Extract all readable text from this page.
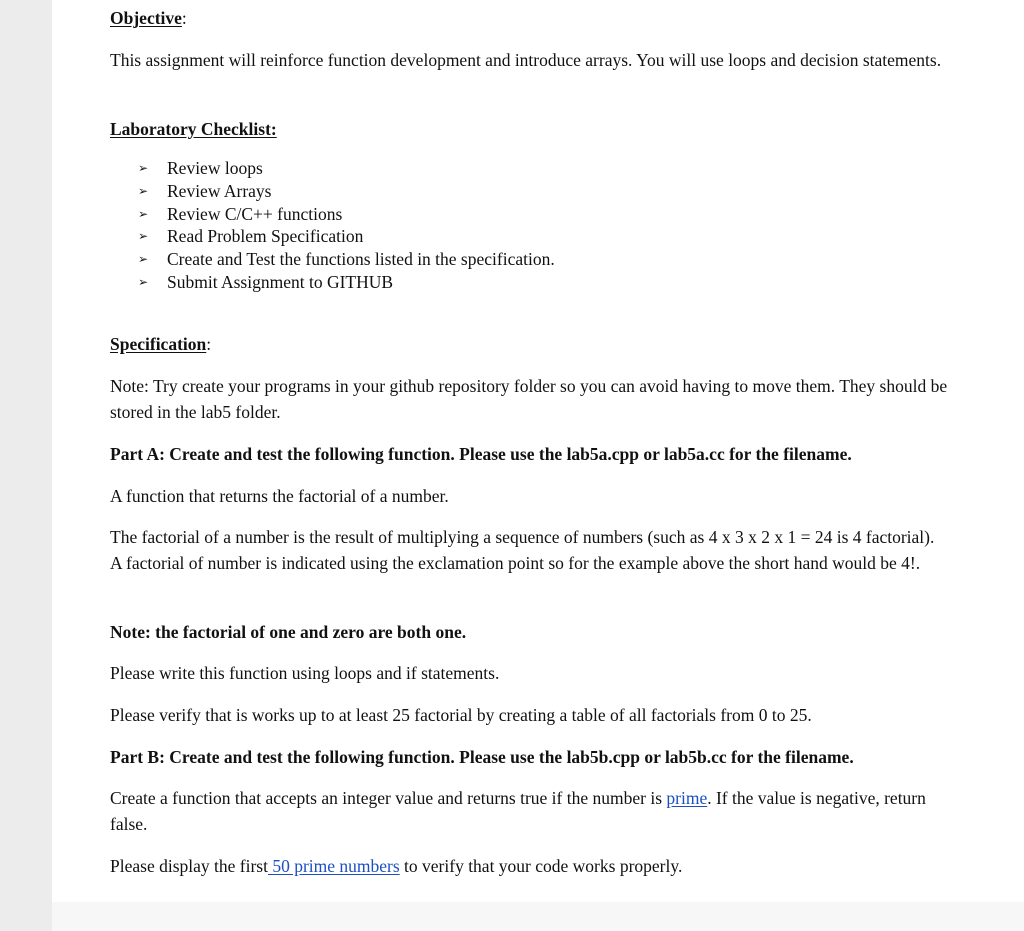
Objective:

This assignment will reinforce function development and introduce arrays. You will use loops and decision statements.

Laboratory Checklist:
➢ Review loops
➢ Review Arrays
➢ Review C/C++ functions
➢ Read Problem Specification
➢ Create and Test the functions listed in the specification.
➢ Submit Assignment to GITHUB
Specification:

Note: Try create your programs in your github repository folder so you can avoid having to move them. They should be stored in the lab5 folder.

Part A: Create and test the following function. Please use the lab5a.cpp or lab5a.cc for the filename.

A function that returns the factorial of a number.

The factorial of a number is the result of multiplying a sequence of numbers (such as 4 x 3 x 2 x 1 = 24 is 4 factorial). A factorial of number is indicated using the exclamation point so for the example above the short hand would be 4!.

Note: the factorial of one and zero are both one.

Please write this function using loops and if statements.

Please verify that is works up to at least 25 factorial by creating a table of all factorials from 0 to 25.

Part B: Create and test the following function. Please use the lab5b.cpp or lab5b.cc for the filename.

Create a function that accepts an integer value and returns true if the number is prime. If the value is negative, return false.

Please display the first 50 prime numbers to verify that your code works properly.
